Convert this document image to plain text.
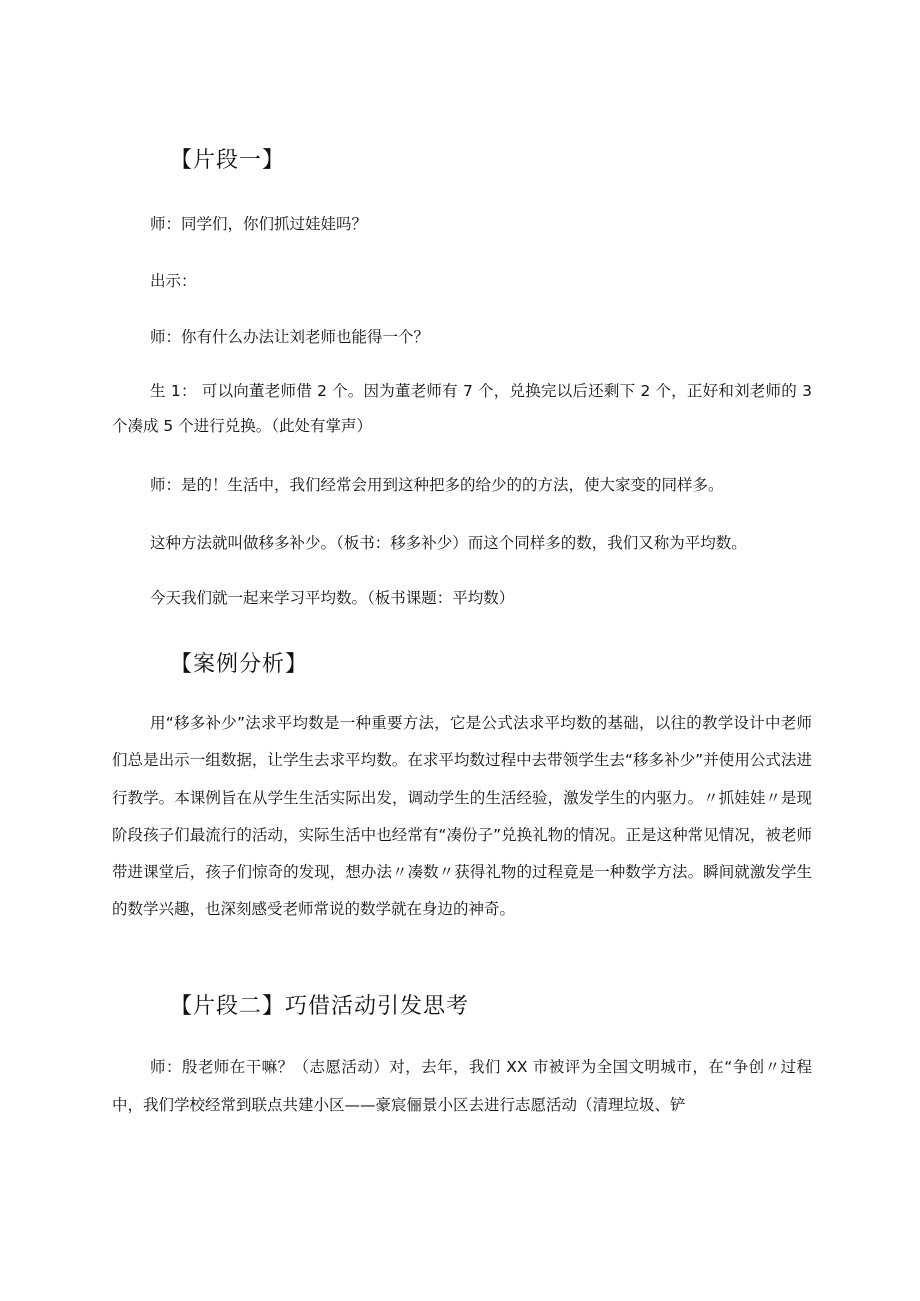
【片段一】
师：同学们，你们抓过娃娃吗？
出示：
师：你有什么办法让刘老师也能得一个？
生 1： 可以向董老师借 2 个。因为董老师有 7 个，兑换完以后还剩下 2 个，正好和刘老师的 3 个凑成 5 个进行兑换。（此处有掌声）
师：是的！生活中，我们经常会用到这种把多的给少的的方法，使大家变的同样多。
这种方法就叫做移多补少。（板书：移多补少）而这个同样多的数，我们又称为平均数。
今天我们就一起来学习平均数。（板书课题：平均数）
【案例分析】
用“移多补少”法求平均数是一种重要方法，它是公式法求平均数的基础，以往的教学设计中老师们总是出示一组数据，让学生去求平均数。在求平均数过程中去带领学生去“移多补少”并使用公式法进行教学。本课例旨在从学生生活实际出发，调动学生的生活经验，激发学生的内驱力。〃抓娃娃〃是现阶段孩子们最流行的活动，实际生活中也经常有“凑份子”兑换礼物的情况。正是这种常见情况，被老师带进课堂后，孩子们惊奇的发现，想办法〃凑数〃获得礼物的过程竟是一种数学方法。瞬间就激发学生的数学兴趣，也深刻感受老师常说的数学就在身边的神奇。
【片段二】巧借活动引发思考
师：殷老师在干嘛？（志愿活动）对，去年，我们 XX 市被评为全国文明城市，在“争创〃过程中，我们学校经常到联点共建小区——豪宸俪景小区去进行志愿活动（清理垃圾、铲
